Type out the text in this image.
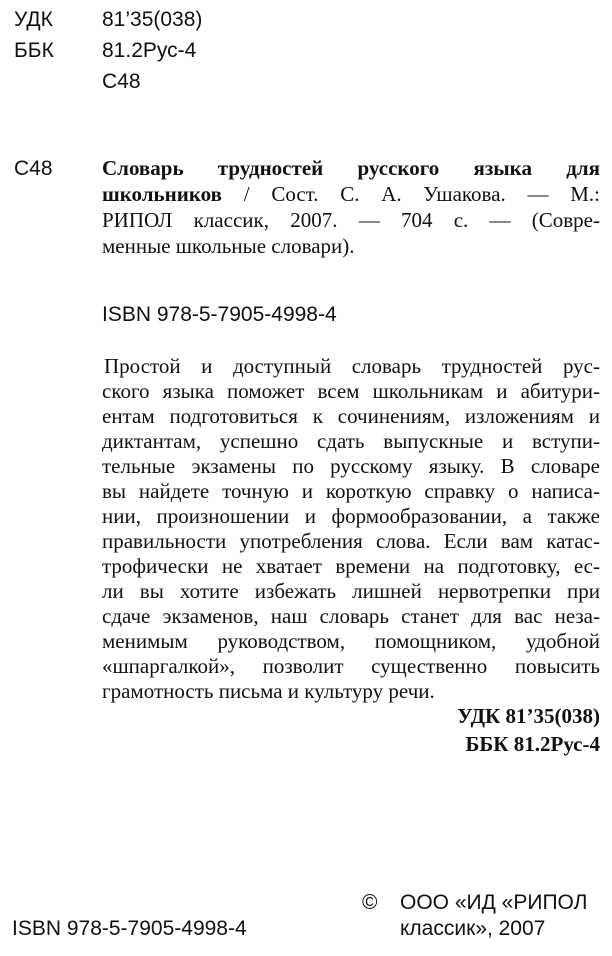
УДК 81’35(038)
ББК 81.2Рус-4
С48
С48 Словарь трудностей русского языка для
школьников / Сост. С. А. Ушакова. — М.:
РИПОЛ классик, 2007. — 704 с. — (Совре-
менные школьные словари).
ISBN 978-5-7905-4998-4
Простой и доступный словарь трудностей рус-
ского языка поможет всем школьникам и абитури-
ентам подготовиться к сочинениям, изложениям и
диктантам, успешно сдать выпускные и вступи-
тельные экзамены по русскому языку. В словаре
вы найдете точную и короткую справку о написа-
нии, произношении и формообразовании, а также
правильности употребления слова. Если вам катас-
трофически не хватает времени на подготовку, ес-
ли вы хотите избежать лишней нервотрепки при
сдаче экзаменов, наш словарь станет для вас неза-
менимым руководством, помощником, удобной
«шпаргалкой», позволит существенно повысить
грамотность письма и культуру речи.
УДК 81’35(038)
ББК 81.2Рус-4
ISBN 978-5-7905-4998-4
© ООО «ИД «РИПОЛ
классик», 2007
